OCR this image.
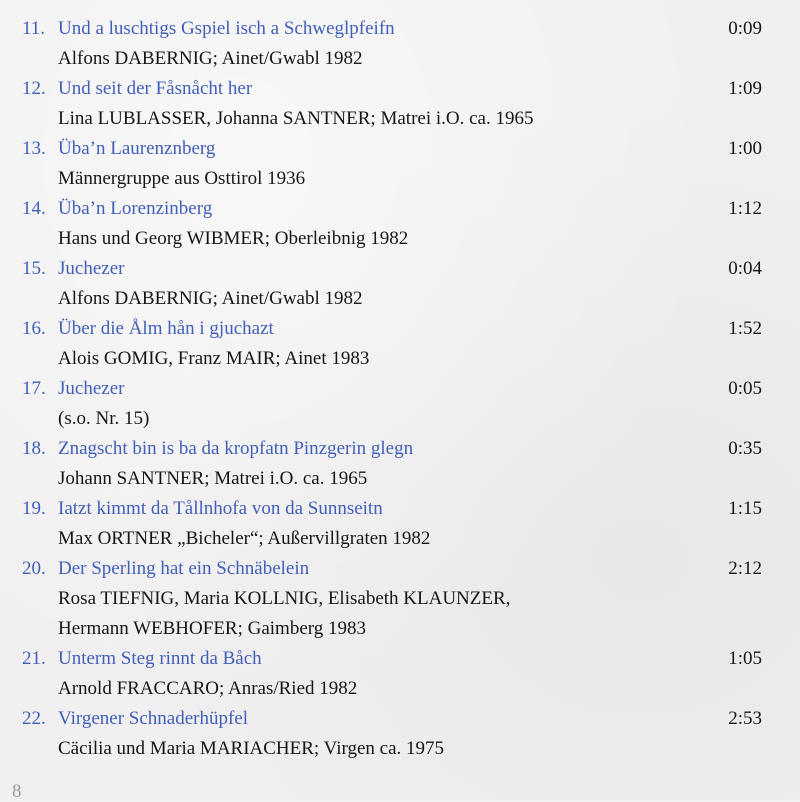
11. Und a luschtigs Gspiel isch a Schweglpfeifn	0:09
Alfons DABERNIG; Ainet/Gwabl 1982
12. Und seit der Fåsnåcht her	1:09
Lina LUBLASSER, Johanna SANTNER; Matrei i.O. ca. 1965
13. Üba’n Laurenznberg	1:00
Männergruppe aus Osttirol 1936
14. Üba’n Lorenzinberg	1:12
Hans und Georg WIBMER; Oberleibnig 1982
15. Juchezer	0:04
Alfons DABERNIG; Ainet/Gwabl 1982
16. Über die Ålm hån i gjuchazt	1:52
Alois GOMIG, Franz MAIR; Ainet 1983
17. Juchezer	0:05
(s.o. Nr. 15)
18. Znagscht bin is ba da kropfatn Pinzgerin glegn	0:35
Johann SANTNER; Matrei i.O. ca. 1965
19. Iatzt kimmt da Tållnhofa von da Sunnseitn	1:15
Max ORTNER „Bicheler“; Außervillgraten 1982
20. Der Sperling hat ein Schnäbelein	2:12
Rosa TIEFNIG, Maria KOLLNIG, Elisabeth KLAUNZER,
Hermann WEBHOFER; Gaimberg 1983
21. Unterm Steg rinnt da Båch	1:05
Arnold FRACCARO; Anras/Ried 1982
22. Virgener Schnaderhüpfel	2:53
Cäcilia und Maria MARIACHER; Virgen ca. 1975
8
